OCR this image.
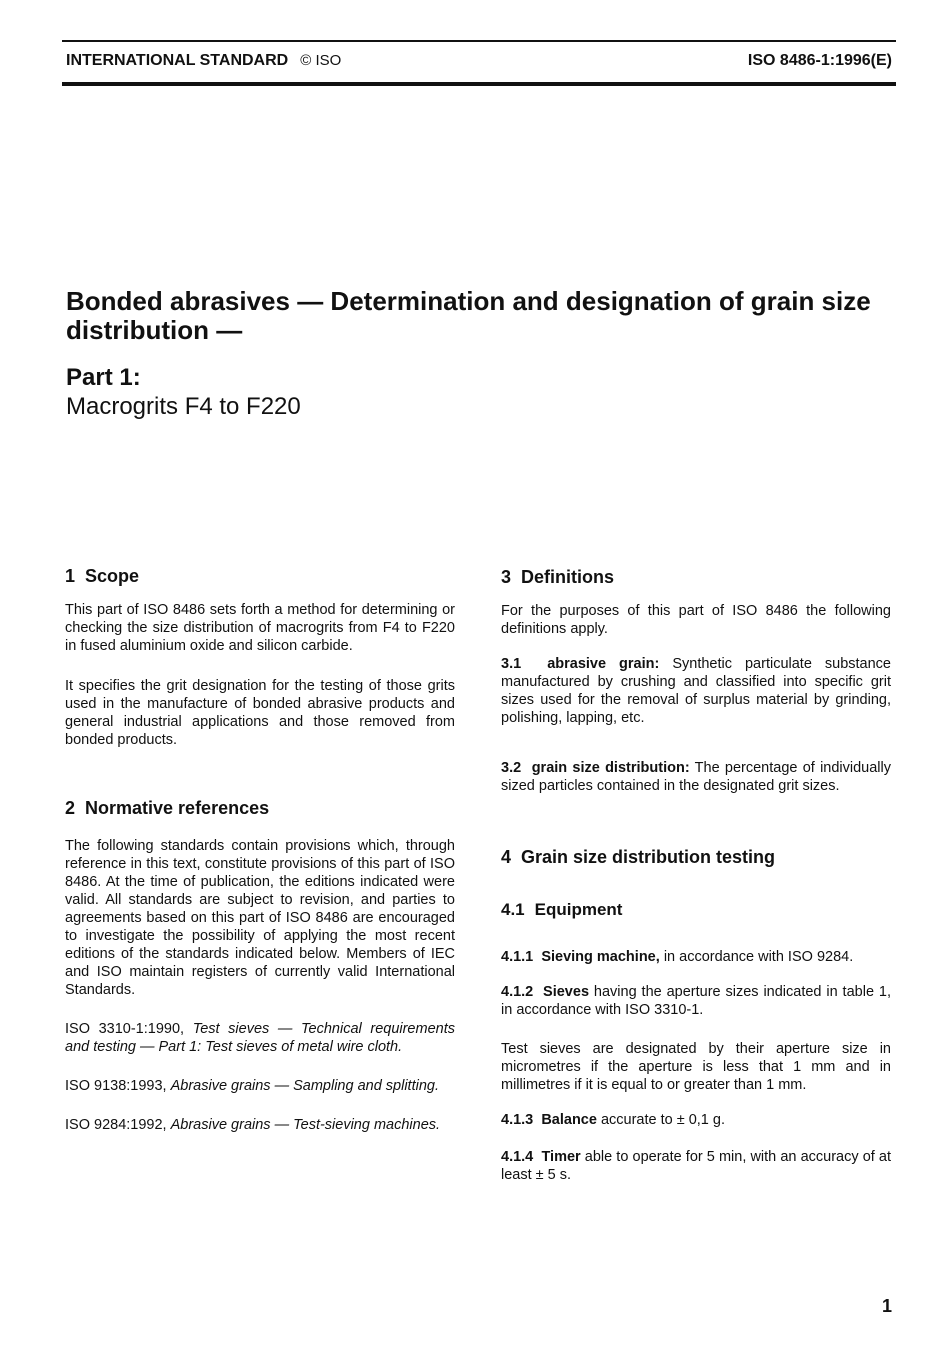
INTERNATIONAL STANDARD © ISO	ISO 8486-1:1996(E)
Bonded abrasives — Determination and designation of grain size distribution —
Part 1:
Macrogrits F4 to F220
1 Scope

This part of ISO 8486 sets forth a method for determining or checking the size distribution of macrogrits from F4 to F220 in fused aluminium oxide and silicon carbide.

It specifies the grit designation for the testing of those grits used in the manufacture of bonded abrasive products and general industrial applications and those removed from bonded products.

2 Normative references

The following standards contain provisions which, through reference in this text, constitute provisions of this part of ISO 8486. At the time of publication, the editions indicated were valid. All standards are subject to revision, and parties to agreements based on this part of ISO 8486 are encouraged to investigate the possibility of applying the most recent editions of the standards indicated below. Members of IEC and ISO maintain registers of currently valid International Standards.

ISO 3310-1:1990, Test sieves — Technical requirements and testing — Part 1: Test sieves of metal wire cloth.

ISO 9138:1993, Abrasive grains — Sampling and splitting.

ISO 9284:1992, Abrasive grains — Test-sieving machines.

3 Definitions

For the purposes of this part of ISO 8486 the following definitions apply.

3.1 abrasive grain: Synthetic particulate substance manufactured by crushing and classified into specific grit sizes used for the removal of surplus material by grinding, polishing, lapping, etc.

3.2 grain size distribution: The percentage of individually sized particles contained in the designated grit sizes.

4 Grain size distribution testing
4.1 Equipment

4.1.1 Sieving machine, in accordance with ISO 9284.

4.1.2 Sieves having the aperture sizes indicated in table 1, in accordance with ISO 3310-1.

Test sieves are designated by their aperture size in micrometres if the aperture is less that 1 mm and in millimetres if it is equal to or greater than 1 mm.

4.1.3 Balance accurate to ± 0,1 g.

4.1.4 Timer able to operate for 5 min, with an accuracy of at least ± 5 s.

1
